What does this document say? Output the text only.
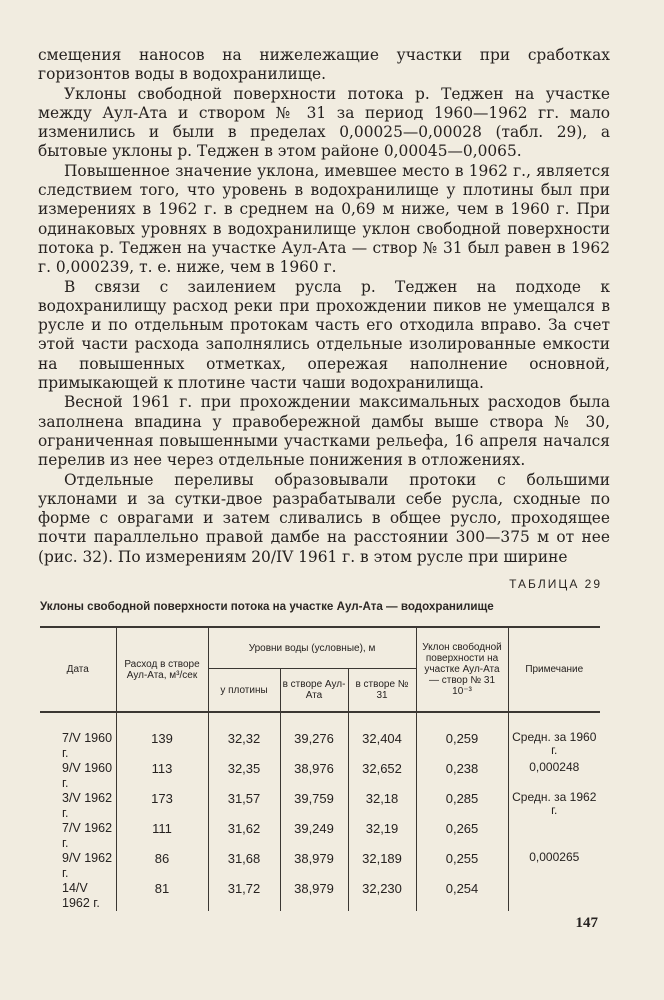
смещения наносов на нижележащие участки при сработках горизонтов воды в водохранилище.

Уклоны свободной поверхности потока р. Теджен на участке между Аул-Ата и створом № 31 за период 1960—1962 гг. мало изменились и были в пределах 0,00025—0,00028 (табл. 29), а бытовые уклоны р. Теджен в этом районе 0,00045—0,0065.

Повышенное значение уклона, имевшее место в 1962 г., является следствием того, что уровень в водохранилище у плотины был при измерениях в 1962 г. в среднем на 0,69 м ниже, чем в 1960 г. При одинаковых уровнях в водохранилище уклон свободной поверхности потока р. Теджен на участке Аул-Ата — створ № 31 был равен в 1962 г. 0,000239, т. е. ниже, чем в 1960 г.

В связи с заилением русла р. Теджен на подходе к водохранилищу расход реки при прохождении пиков не умещался в русле и по отдельным протокам часть его отходила вправо. За счет этой части расхода заполнялись отдельные изолированные емкости на повышенных отметках, опережая наполнение основной, примыкающей к плотине части чаши водохранилища.

Весной 1961 г. при прохождении максимальных расходов была заполнена впадина у правобережной дамбы выше створа № 30, ограниченная повышенными участками рельефа, 16 апреля начался перелив из нее через отдельные понижения в отложениях.

Отдельные переливы образовывали протоки с большими уклонами и за сутки-двое разрабатывали себе русла, сходные по форме с оврагами и затем сливались в общее русло, проходящее почти параллельно правой дамбе на расстоянии 300—375 м от нее (рис. 32). По измерениям 20/IV 1961 г. в этом русле при ширине

ТАБЛИЦА 29
Уклоны свободной поверхности потока на участке Аул-Ата — водохранилище
Дата	Расход в створе Аул-Ата, м³/сек	Уровни воды (условные), м			Уклон свободной поверхности на участке Аул-Ата — створ № 31 10⁻³	Примечание
		у плотины	в створе Аул-Ата	в створе № 31		
7/V 1960 г.	139	32,32	39,276	32,404	0,259	Средн. за 1960 г.
9/V 1960 г.	113	32,35	38,976	32,652	0,238	0,000248
3/V 1962 г.	173	31,57	39,759	32,18	0,285	Средн. за 1962 г.
7/V 1962 г.	111	31,62	39,249	32,19	0,265	
9/V 1962 г.	86	31,68	38,979	32,189	0,255	0,000265
14/V 1962 г.	81	31,72	38,979	32,230	0,254	
147
